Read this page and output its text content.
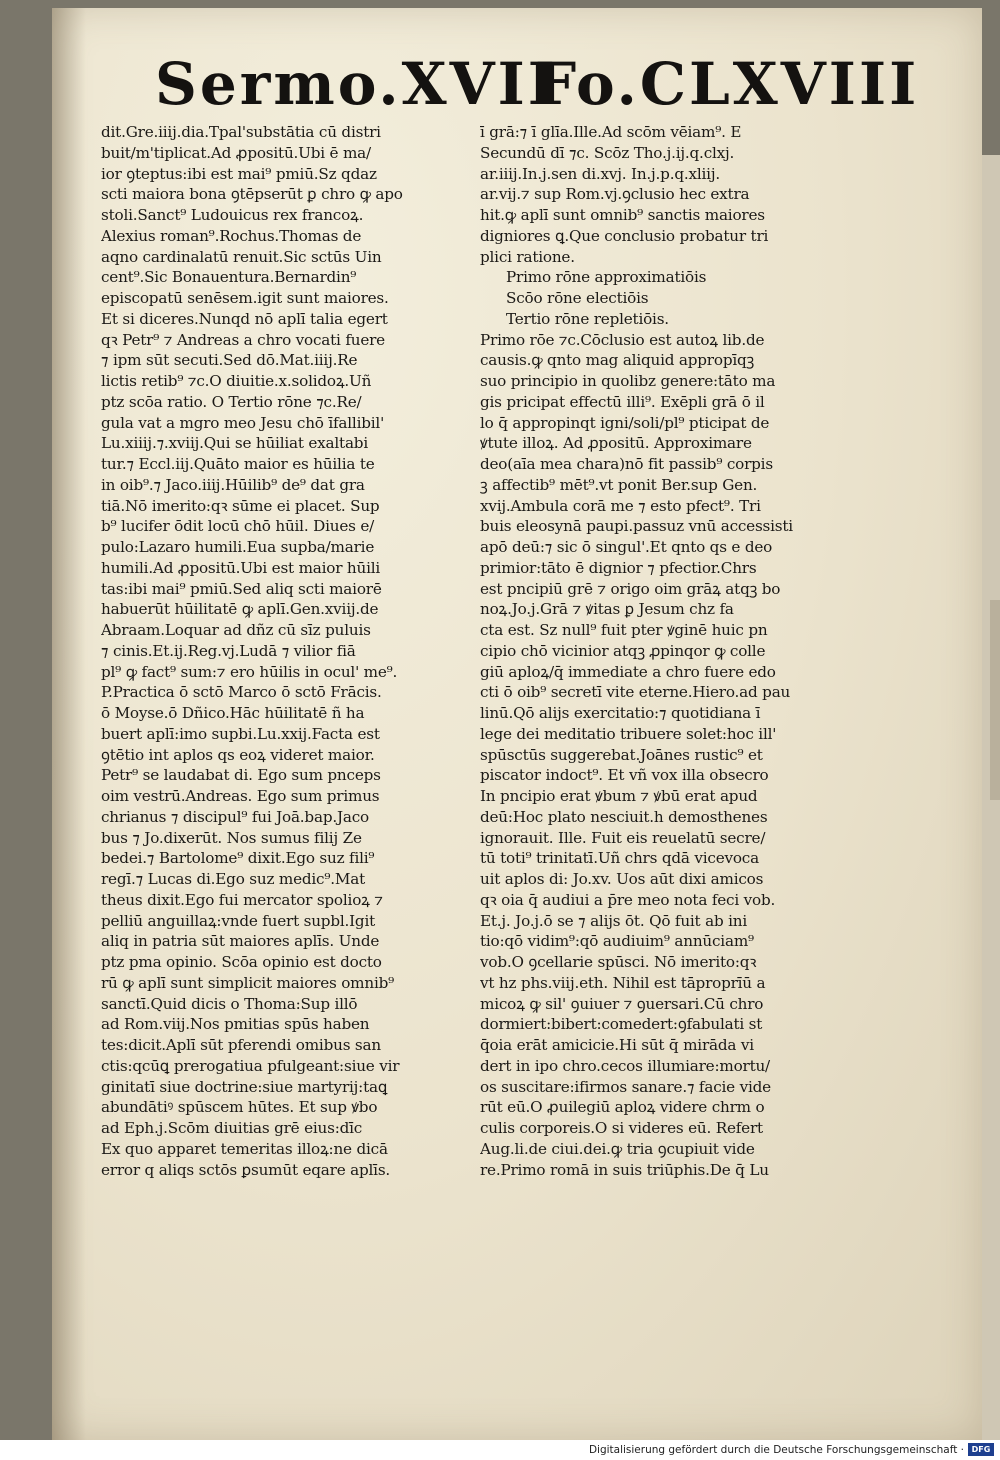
Sermo.XVII
Fo.CLXVIII
dit.Gre.iiij.dia.Tpal'substātia cū distri
buit/m'tiplicat.Ad ꝓpositū.Ubi ē ma/
ior ꝯteptus:ibi est mai⁹ pmiū.Sz qdaz
scti maiora bona ꝯtēpserūt ꝑ chro ꝙ apo
stoli.Sanct⁹ Ludouicus rex francoꝝ.
Alexius roman⁹.Rochus.Thomas de
aqno cardinalatū renuit.Sic sctūs Uin
cent⁹.Sic Bonauentura.Bernardin⁹
episcopatū senēsem.igit sunt maiores.
Et si diceres.Nunqd nō aplī talia egert
qꝛ Petr⁹ ⁊ Andreas a chro vocati fuere
⁊ ipm sūt secuti.Sed dō.Mat.iiij.Re
lictis retib⁹ ⁊c.O diuitie.x.solidoꝝ.Uñ
ptz scōa ratio. O Tertio rōne ⁊c.Re/
gula vat a mgro meo Jesu chō īfallibil'
Lu.xiiij.⁊.xviij.Qui se hūiliat exaltabi
tur.⁊ Eccl.iij.Quāto maior es hūilia te
in oib⁹.⁊ Jaco.iiij.Hūilib⁹ de⁹ dat gra
tiā.Nō imerito:qꝛ sūme ei placet. Sup
b⁹ lucifer ōdit locū chō hūil. Diues e/
pulo:Lazaro humili.Eua supba/marie
humili.Ad ꝓpositū.Ubi est maior hūili
tas:ibi mai⁹ pmiū.Sed aliq scti maiorē
habuerūt hūilitatē ꝙ aplī.Gen.xviij.de
Abraam.Loquar ad dñz cū sīz puluis
⁊ cinis.Et.ij.Reg.vj.Ludā ⁊ vilior fiā
pl⁹ ꝙ fact⁹ sum:⁊ ero hūilis in ocul' me⁹.
P.Practica ō sctō Marco ō sctō Frācis.
ō Moyse.ō Dñico.Hāc hūilitatē ñ ha
buert aplī:imo supbi.Lu.xxij.Facta est
ꝯtētio int aplos qs eoꝝ videret maior.
Petr⁹ se laudabat di. Ego sum pnceps
oim vestrū.Andreas. Ego sum primus
chrianus ⁊ discipul⁹ fui Joā.bap.Jaco
bus ⁊ Jo.dixerūt. Nos sumus filij Ze
bedei.⁊ Bartolome⁹ dixit.Ego suz fili⁹
regī.⁊ Lucas di.Ego suz medic⁹.Mat
theus dixit.Ego fui mercator spolioꝝ ⁊
pelliū anguillaꝝ:vnde fuert supbl.Igit
aliq in patria sūt maiores aplīs. Unde
ptz pma opinio. Scōa opinio est docto
rū ꝙ aplī sunt simplicit maiores omnib⁹
sanctī.Quid dicis o Thoma:Sup illō
ad Rom.viij.Nos pmitias spūs haben
tes:dicit.Aplī sūt pferendi omibus san
ctis:qcūꝗ prerogatiua pfulgeant:siue vir
ginitatī siue doctrine:siue martyrij:taꝗ
abundātiꝰ spūscem hūtes. Et sup ꝟbo
ad Eph.j.Scōm diuitias grē eius:dīc
Ex quo apparet temeritas illoꝝ:ne dicā
error q aliqs sctōs ꝑsumūt eqare aplīs.
ī grā:⁊ ī glīa.Ille.Ad scōm vēiam⁹. E
Secundū dī ⁊c. Scōz Tho.j.ij.q.clxj.
ar.iiij.In.j.sen di.xvj. In.j.p.q.xliij.
ar.vij.⁊ sup Rom.vj.ꝯclusio hec extra
hit.ꝙ aplī sunt omnib⁹ sanctis maiores
digniores ꝗ.Que conclusio probatur tri
plici ratione.
Primo rōne approximatiōis
Scōo rōne electiōis
Tertio rōne repletiōis.
Primo rōe ⁊c.Cōclusio est autoꝝ lib.de
causis.ꝙ qnto mag aliquid appropīqꝫ
suo principio in quolibz genere:tāto ma
gis pricipat effectū illi⁹. Exēpli grā ō il
lo q̄ appropinqt igni/soli/pl⁹ pticipat de
ꝟtute illoꝝ. Ad ꝓpositū. Approximare
deo(aīa mea chara)nō fit passib⁹ corpis
ꝫ affectib⁹ mēt⁹.vt ponit Ber.sup Gen.
xvij.Ambula corā me ⁊ esto pfect⁹. Tri
buis eleosynā paupi.passuz vnū accessisti
apō deū:⁊ sic ō singul'.Et qnto qs e deo
primior:tāto ē dignior ⁊ pfectior.Chrs
est pncipiū grē ⁊ origo oim grāꝝ atqꝫ bo
noꝝ.Jo.j.Grā ⁊ ꝟitas ꝑ Jesum chz fa
cta est. Sz null⁹ fuit pter ꝟginē huic pn
cipio chō vicinior atqꝫ ꝓpinqor ꝙ colle
giū aploꝝ/q̄ immediate a chro fuere edo
cti ō oib⁹ secretī vite eterne.Hiero.ad pau
linū.Qō alijs exercitatio:⁊ quotidiana ī
lege dei meditatio tribuere solet:hoc ill'
spūsctūs suggerebat.Joānes rustic⁹ et
piscator indoct⁹. Et vñ vox illa obsecro
In pncipio erat ꝟbum ⁊ ꝟbū erat apud
deū:Hoc plato nesciuit.h demosthenes
ignorauit. Ille. Fuit eis reuelatū secre/
tū toti⁹ trinitatī.Uñ chrs qdā vicevoca
uit aplos di: Jo.xv. Uos aūt dixi amicos
qꝛ oia q̄ audiui a p̄re meo nota feci vob.
Et.j. Jo.j.ō se ⁊ alijs ōt. Qō fuit ab ini
tio:qō vidim⁹:qō audiuim⁹ annūciam⁹
vob.O ꝯcellarie spūsci. Nō imerito:qꝛ
vt hz phs.viij.eth. Nihil est tāproprīū a
micoꝝ ꝙ sil' ꝯuiuer ⁊ ꝯuersari.Cū chro
dormiert:bibert:comedert:ꝯfabulati st
q̄oia erāt amicicie.Hi sūt q̄ mirāda vi
dert in ipo chro.cecos illumiare:mortu/
os suscitare:ifirmos sanare.⁊ facie vide
rūt eū.O ꝓuilegiū aploꝝ videre chrm o
culis corporeis.O si videres eū. Refert
Aug.li.de ciui.dei.ꝙ tria ꝯcupiuit vide
re.Primo romā in suis triūphis.De q̄ Lu
Digitalisierung gefördert durch die Deutsche Forschungsgemeinschaft · DFG
